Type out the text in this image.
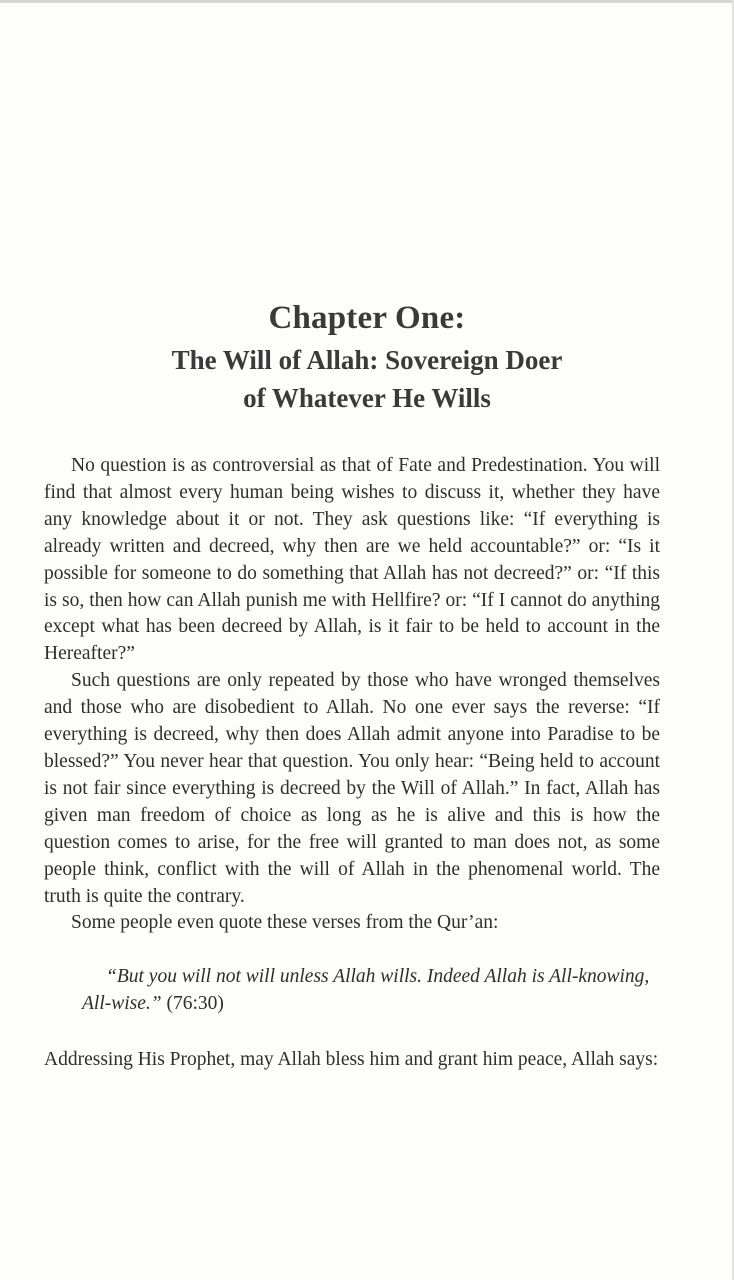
Chapter One:
The Will of Allah: Sovereign Doer
of Whatever He Wills

No question is as controversial as that of Fate and Predestination. You will find that almost every human being wishes to discuss it, whether they have any knowledge about it or not. They ask questions like: “If everything is already written and decreed, why then are we held accountable?” or: “Is it possible for someone to do something that Allah has not decreed?” or: “If this is so, then how can Allah punish me with Hellfire? or: “If I cannot do anything except what has been decreed by Allah, is it fair to be held to account in the Hereafter?”

Such questions are only repeated by those who have wronged themselves and those who are disobedient to Allah. No one ever says the reverse: “If everything is decreed, why then does Allah admit anyone into Paradise to be blessed?” You never hear that question. You only hear: “Being held to account is not fair since everything is decreed by the Will of Allah.” In fact, Allah has given man freedom of choice as long as he is alive and this is how the question comes to arise, for the free will granted to man does not, as some people think, conflict with the will of Allah in the phenomenal world. The truth is quite the contrary.

Some people even quote these verses from the Qur’an:

“But you will not will unless Allah wills. Indeed Allah is All-knowing, All-wise.” (76:30)

Addressing His Prophet, may Allah bless him and grant him peace, Allah says:
